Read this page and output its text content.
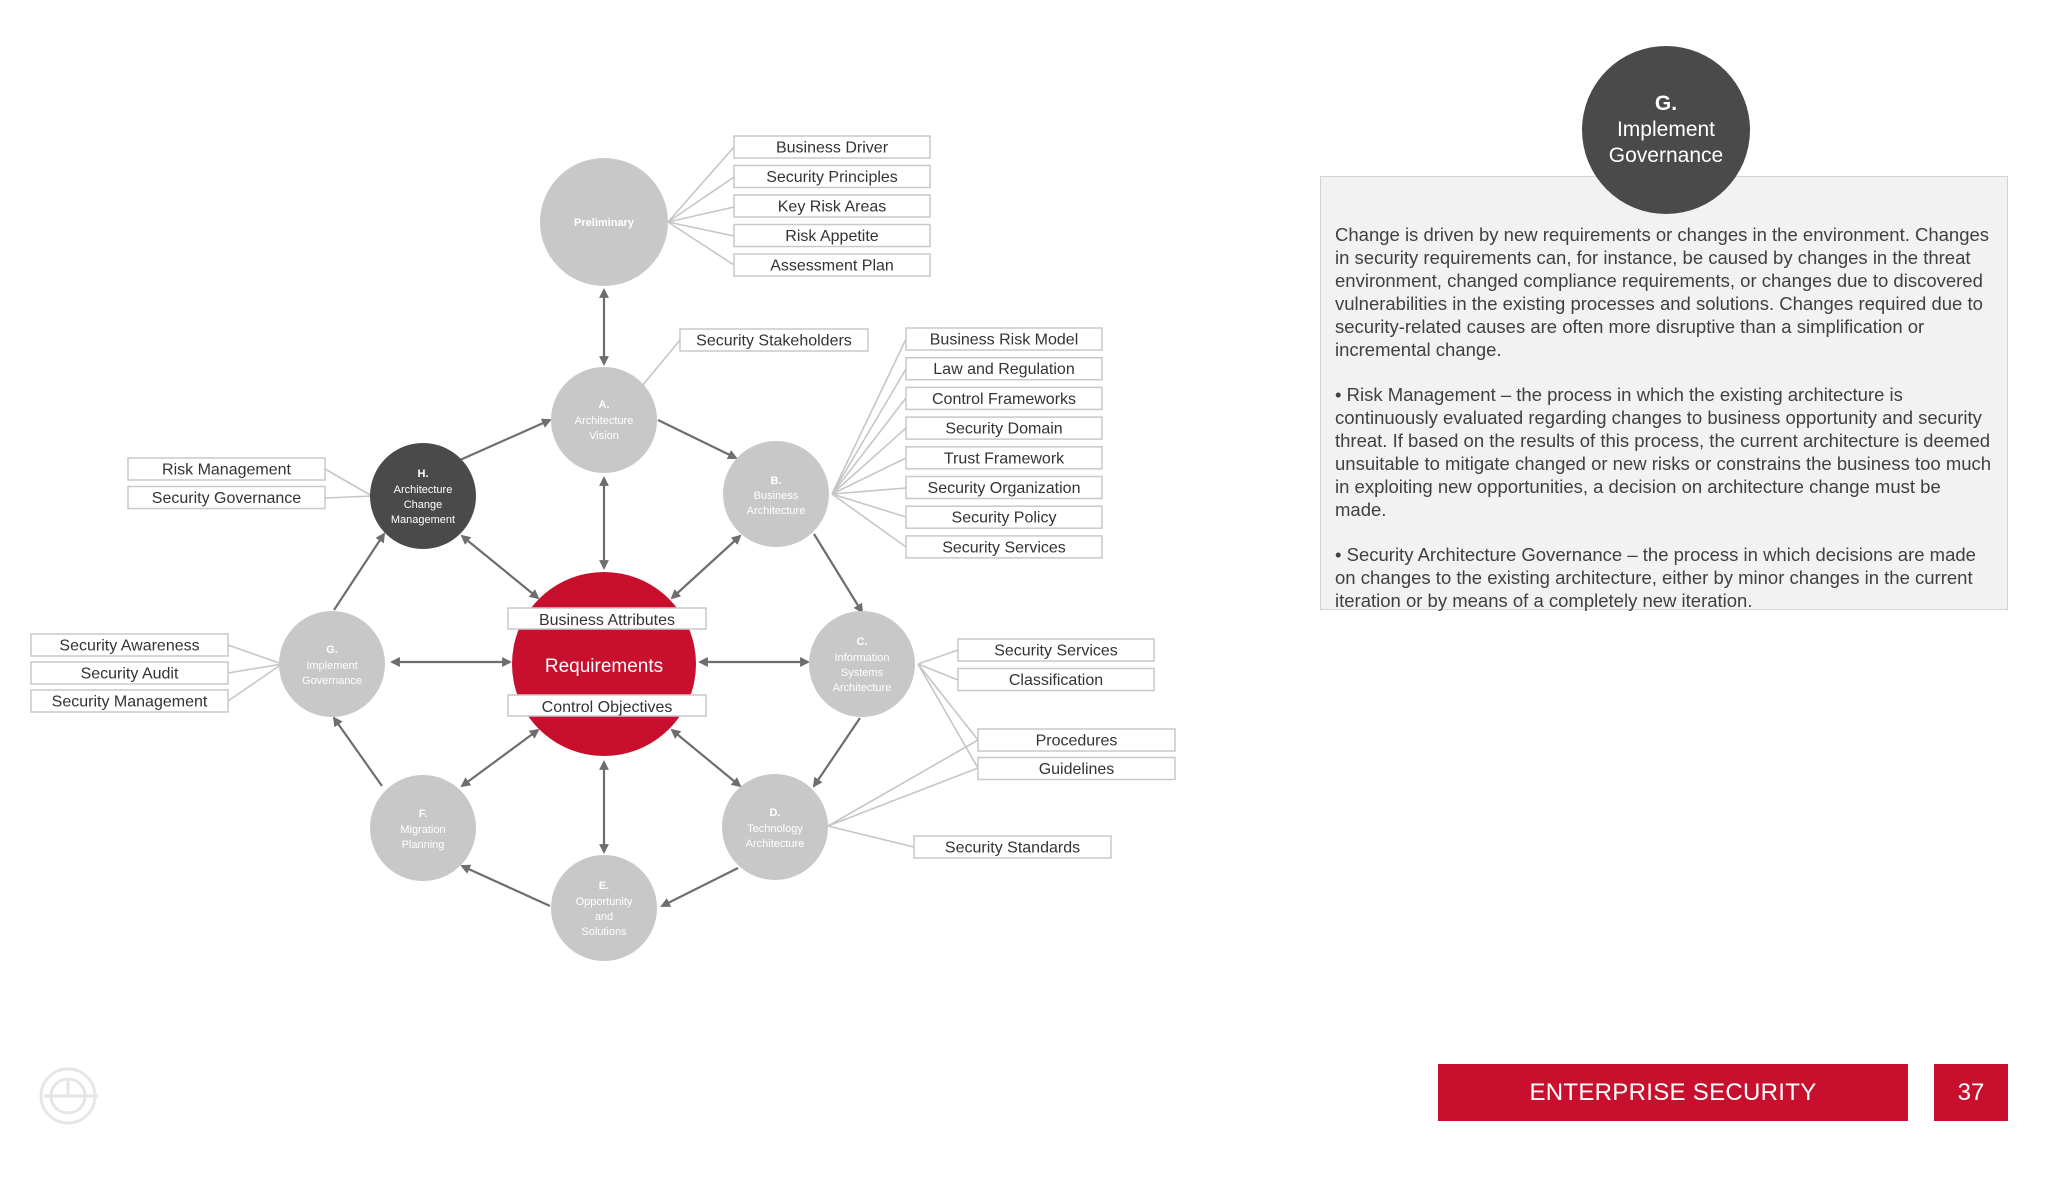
Preliminary
A.
Architecture
Vision
B.
Business
Architecture
C.
Information
Systems
Architecture
D.
Technology
Architecture
E.
Opportunity
and
Solutions
F.
Migration
Planning
G.
Implement
Governance
H.
Architecture
Change
Management
Requirements
Business Attributes
Control Objectives
Business Driver
Security Principles
Key Risk Areas
Risk Appetite
Assessment Plan
Security Stakeholders	Business Risk Model
Law and Regulation
Control Frameworks
Security Domain
Trust Framework
Security Organization
Security Policy
Security Services
Risk Management
Security Governance
Security Awareness
Security Audit
Security Management
Security Services
Classification
Procedures
Guidelines
Security Standards

Change is driven by new requirements or changes in the environment. Changes in security requirements can, for instance, be caused by changes in the threat environment, changed compliance requirements, or changes due to discovered vulnerabilities in the existing processes and solutions. Changes required due to security-related causes are often more disruptive than a simplification or incremental change.

• Risk Management – the process in which the existing architecture is continuously evaluated regarding changes to business opportunity and security threat. If based on the results of this process, the current architecture is deemed unsuitable to mitigate changed or new risks or constrains the business too much in exploiting new opportunities, a decision on architecture change must be made.

• Security Architecture Governance – the process in which decisions are made on changes to the existing architecture, either by minor changes in the current iteration or by means of a completely new iteration.

G.
Implement
Governance
ENTERPRISE SECURITY ARCHITECTURE
37
